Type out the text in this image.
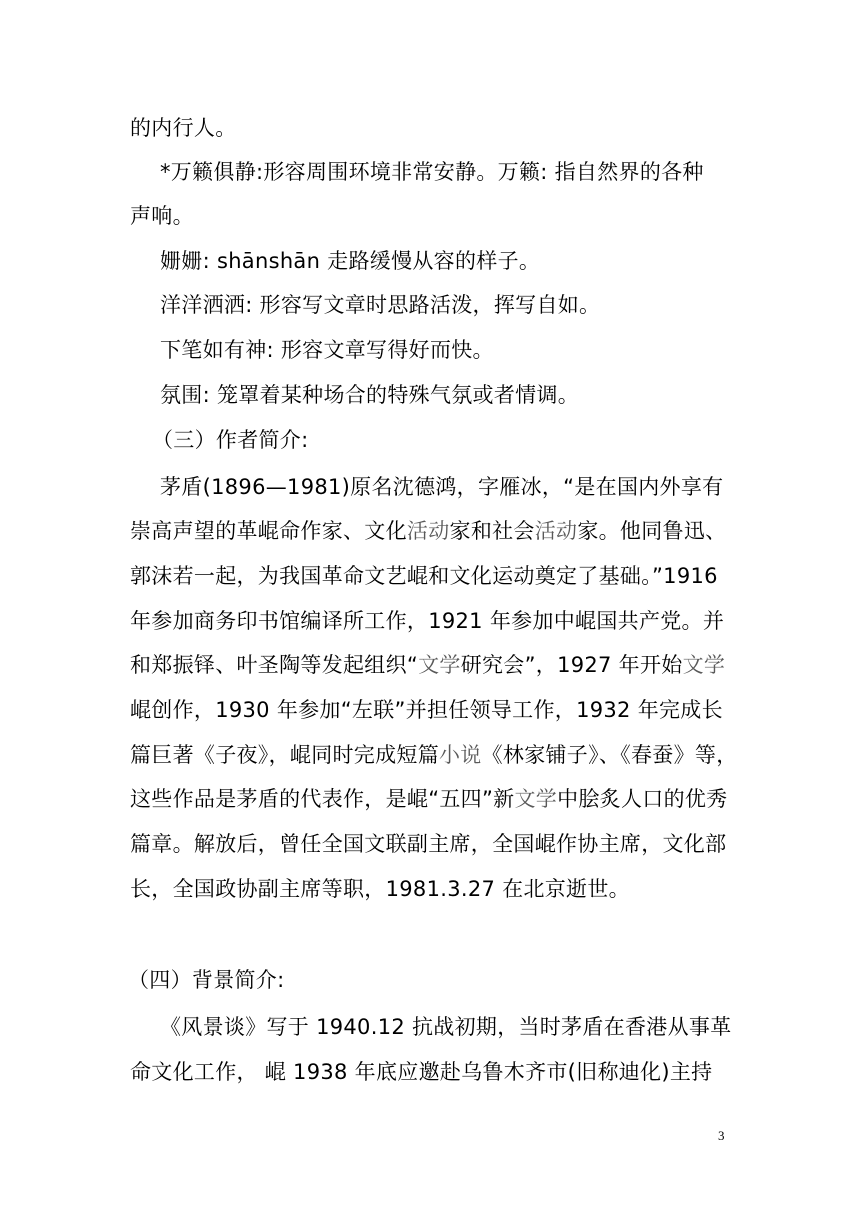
的内行人。
*万籁俱静:形容周围环境非常安静。万籁: 指自然界的各种
声响。
姗姗: shānshān 走路缓慢从容的样子。
洋洋洒洒: 形容写文章时思路活泼，挥写自如。
下笔如有神: 形容文章写得好而快。
氛围: 笼罩着某种场合的特殊气氛或者情调。
（三）作者简介:
茅盾(1896—1981)原名沈德鸿，字雁冰，“是在国内外享有
崇高声望的革崐命作家、文化活动家和社会活动家。他同鲁迅、
郭沫若一起，为我国革命文艺崐和文化运动奠定了基础。”1916
年参加商务印书馆编译所工作，1921 年参加中崐国共产党。并
和郑振铎、叶圣陶等发起组织“文学研究会”，1927 年开始文学
崐创作，1930 年参加“左联”并担任领导工作，1932 年完成长
篇巨著《子夜》，崐同时完成短篇小说《林家铺子》、《春蚕》等，
这些作品是茅盾的代表作，是崐“五四”新文学中脍炙人口的优秀
篇章。解放后，曾任全国文联副主席，全国崐作协主席，文化部
长，全国政协副主席等职，1981.3.27 在北京逝世。
（四）背景简介:
《风景谈》写于 1940.12 抗战初期，当时茅盾在香港从事革
命文化工作， 崐 1938 年底应邀赴乌鲁木齐市(旧称迪化)主持
3
